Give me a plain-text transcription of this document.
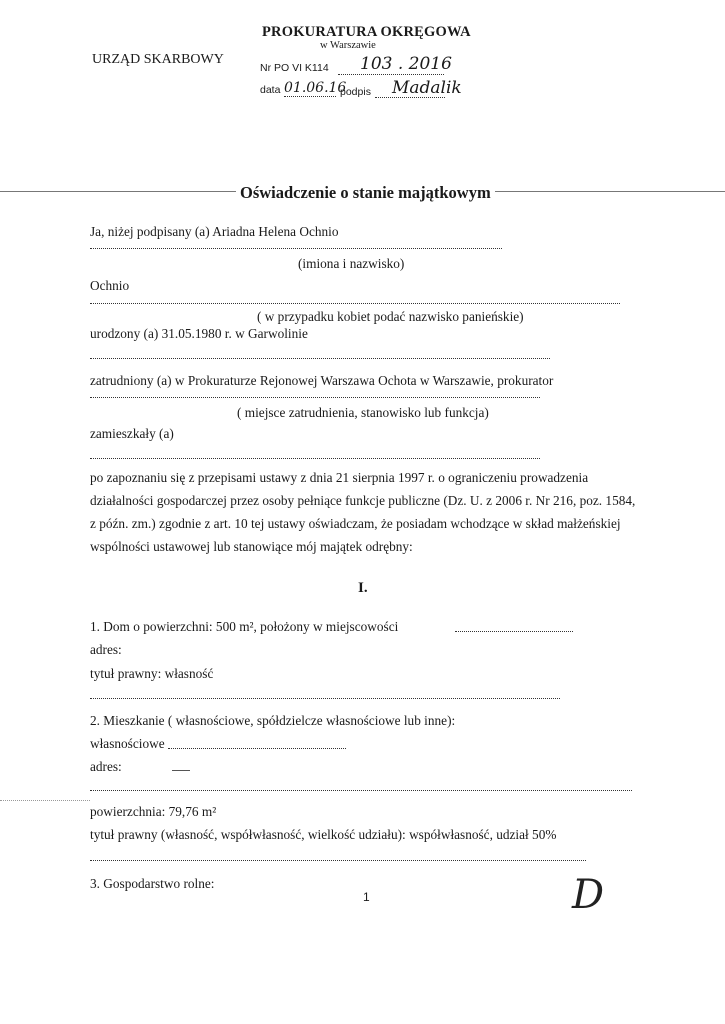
URZĄD SKARBOWY
PROKURATURA OKRĘGOWA
w Warszawie
Nr PO VI K114 103 . 2016
data 01.06.16
podpis Madalik
Oświadczenie o stanie majątkowym
Ja, niżej podpisany (a) Ariadna Helena Ochnio
(imiona i nazwisko)
Ochnio
( w przypadku kobiet podać nazwisko panieńskie)
urodzony (a) 31.05.1980 r. w Garwolinie
zatrudniony (a) w Prokuraturze Rejonowej Warszawa Ochota w Warszawie, prokurator
( miejsce zatrudnienia, stanowisko lub funkcja)
zamieszkały (a)
po zapoznaniu się z przepisami ustawy z dnia 21 sierpnia 1997 r. o ograniczeniu prowadzenia
działalności gospodarczej przez osoby pełniące funkcje publiczne (Dz. U. z 2006 r. Nr 216, poz. 1584,
z późn. zm.) zgodnie z art. 10 tej ustawy oświadczam, że posiadam wchodzące w skład małżeńskiej
wspólności ustawowej lub stanowiące mój majątek odrębny:
I.
1. Dom o powierzchni: 500 m², położony w miejscowości
adres:
tytuł prawny: własność
2. Mieszkanie ( własnościowe, spółdzielcze własnościowe lub inne):
własnościowe
adres:
powierzchnia: 79,76 m²
tytuł prawny (własność, współwłasność, wielkość udziału): współwłasność, udział 50%
3. Gospodarstwo rolne:
1	D
